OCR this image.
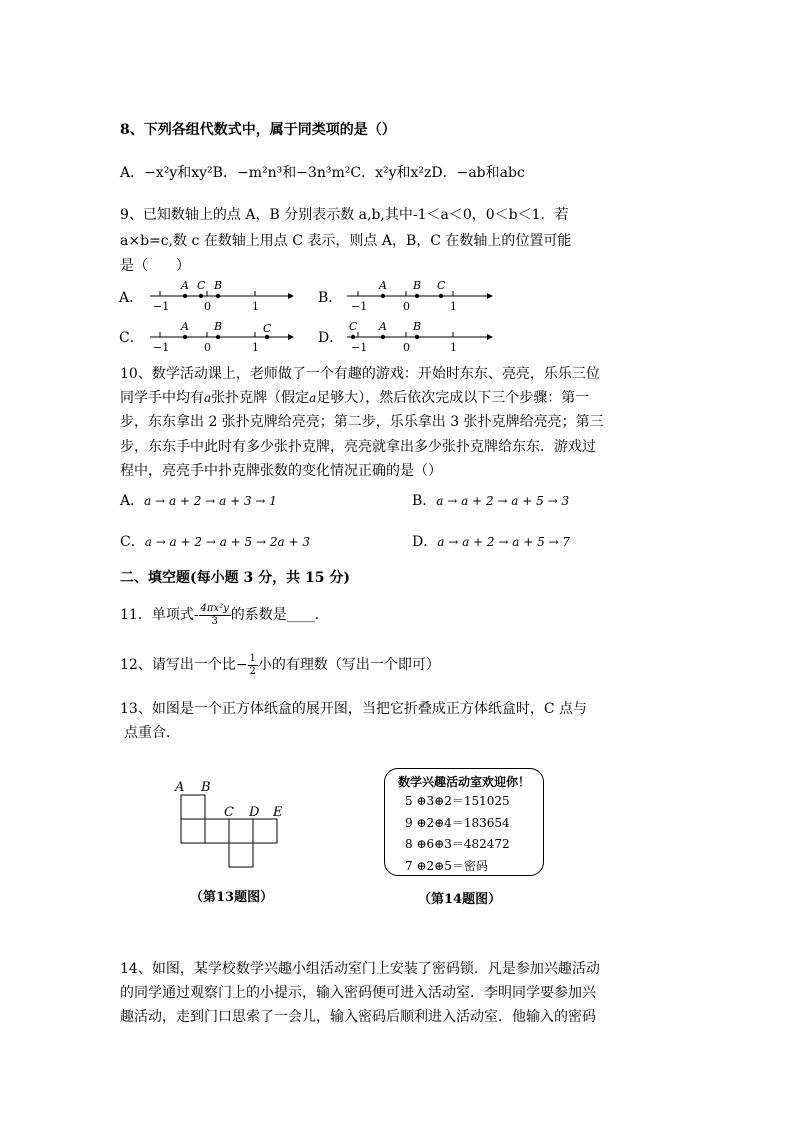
8、下列各组代数式中，属于同类项的是（）
A．−x²y和xy²B．−m²n³和−3n³m²C．x²y和x²zD．−ab和abc
9、已知数轴上的点 A，B 分别表示数 a,b,其中-1＜a＜0，0＜b＜1．若
a×b=c,数 c 在数轴上用点 C 表示，则点 A，B，C 在数轴上的位置可能
是（　　）
A．
A C B
−1	0	1
B．
A B C
−1	0	1
C．
A B	C
−1	0	1
D．
C A B
−1	0	1
10、数学活动课上，老师做了一个有趣的游戏：开始时东东、亮亮，乐乐三位
同学手中均有a张扑克牌（假定a足够大），然后依次完成以下三个步骤：第一
步，东东拿出 2 张扑克牌给亮亮；第二步，乐乐拿出 3 张扑克牌给亮亮；第三
步，东东手中此时有多少张扑克牌，亮亮就拿出多少张扑克牌给东东．游戏过
程中，亮亮手中扑克牌张数的变化情况正确的是（）
A．a → a + 2 → a + 3 → 1	B．a → a + 2 → a + 5 → 3
C．a → a + 2 → a + 5 → 2a + 3	D．a → a + 2 → a + 5 → 7
二、填空题(每小题 3 分，共 15 分)
11．单项式- $\frac{\text{4πx²y}}{3}$ 的系数是____．
12、请写出一个比− $\frac{1}{2}$ 小的有理数（写出一个即可）
13、如图是一个正方体纸盒的展开图，当把它折叠成正方体纸盒时，C 点与
点重合．
A B
C D E
（第13题图）
数学兴趣活动室欢迎你！
5 ⊕3⊕2＝151025
9 ⊕2⊕4＝183654
8 ⊕6⊕3＝482472
7 ⊕2⊕5＝密码
（第14题图）
14、如图，某学校数学兴趣小组活动室门上安装了密码锁．凡是参加兴趣活动
的同学通过观察门上的小提示，输入密码便可进入活动室．李明同学要参加兴
趣活动，走到门口思索了一会儿，输入密码后顺利进入活动室．他输入的密码
